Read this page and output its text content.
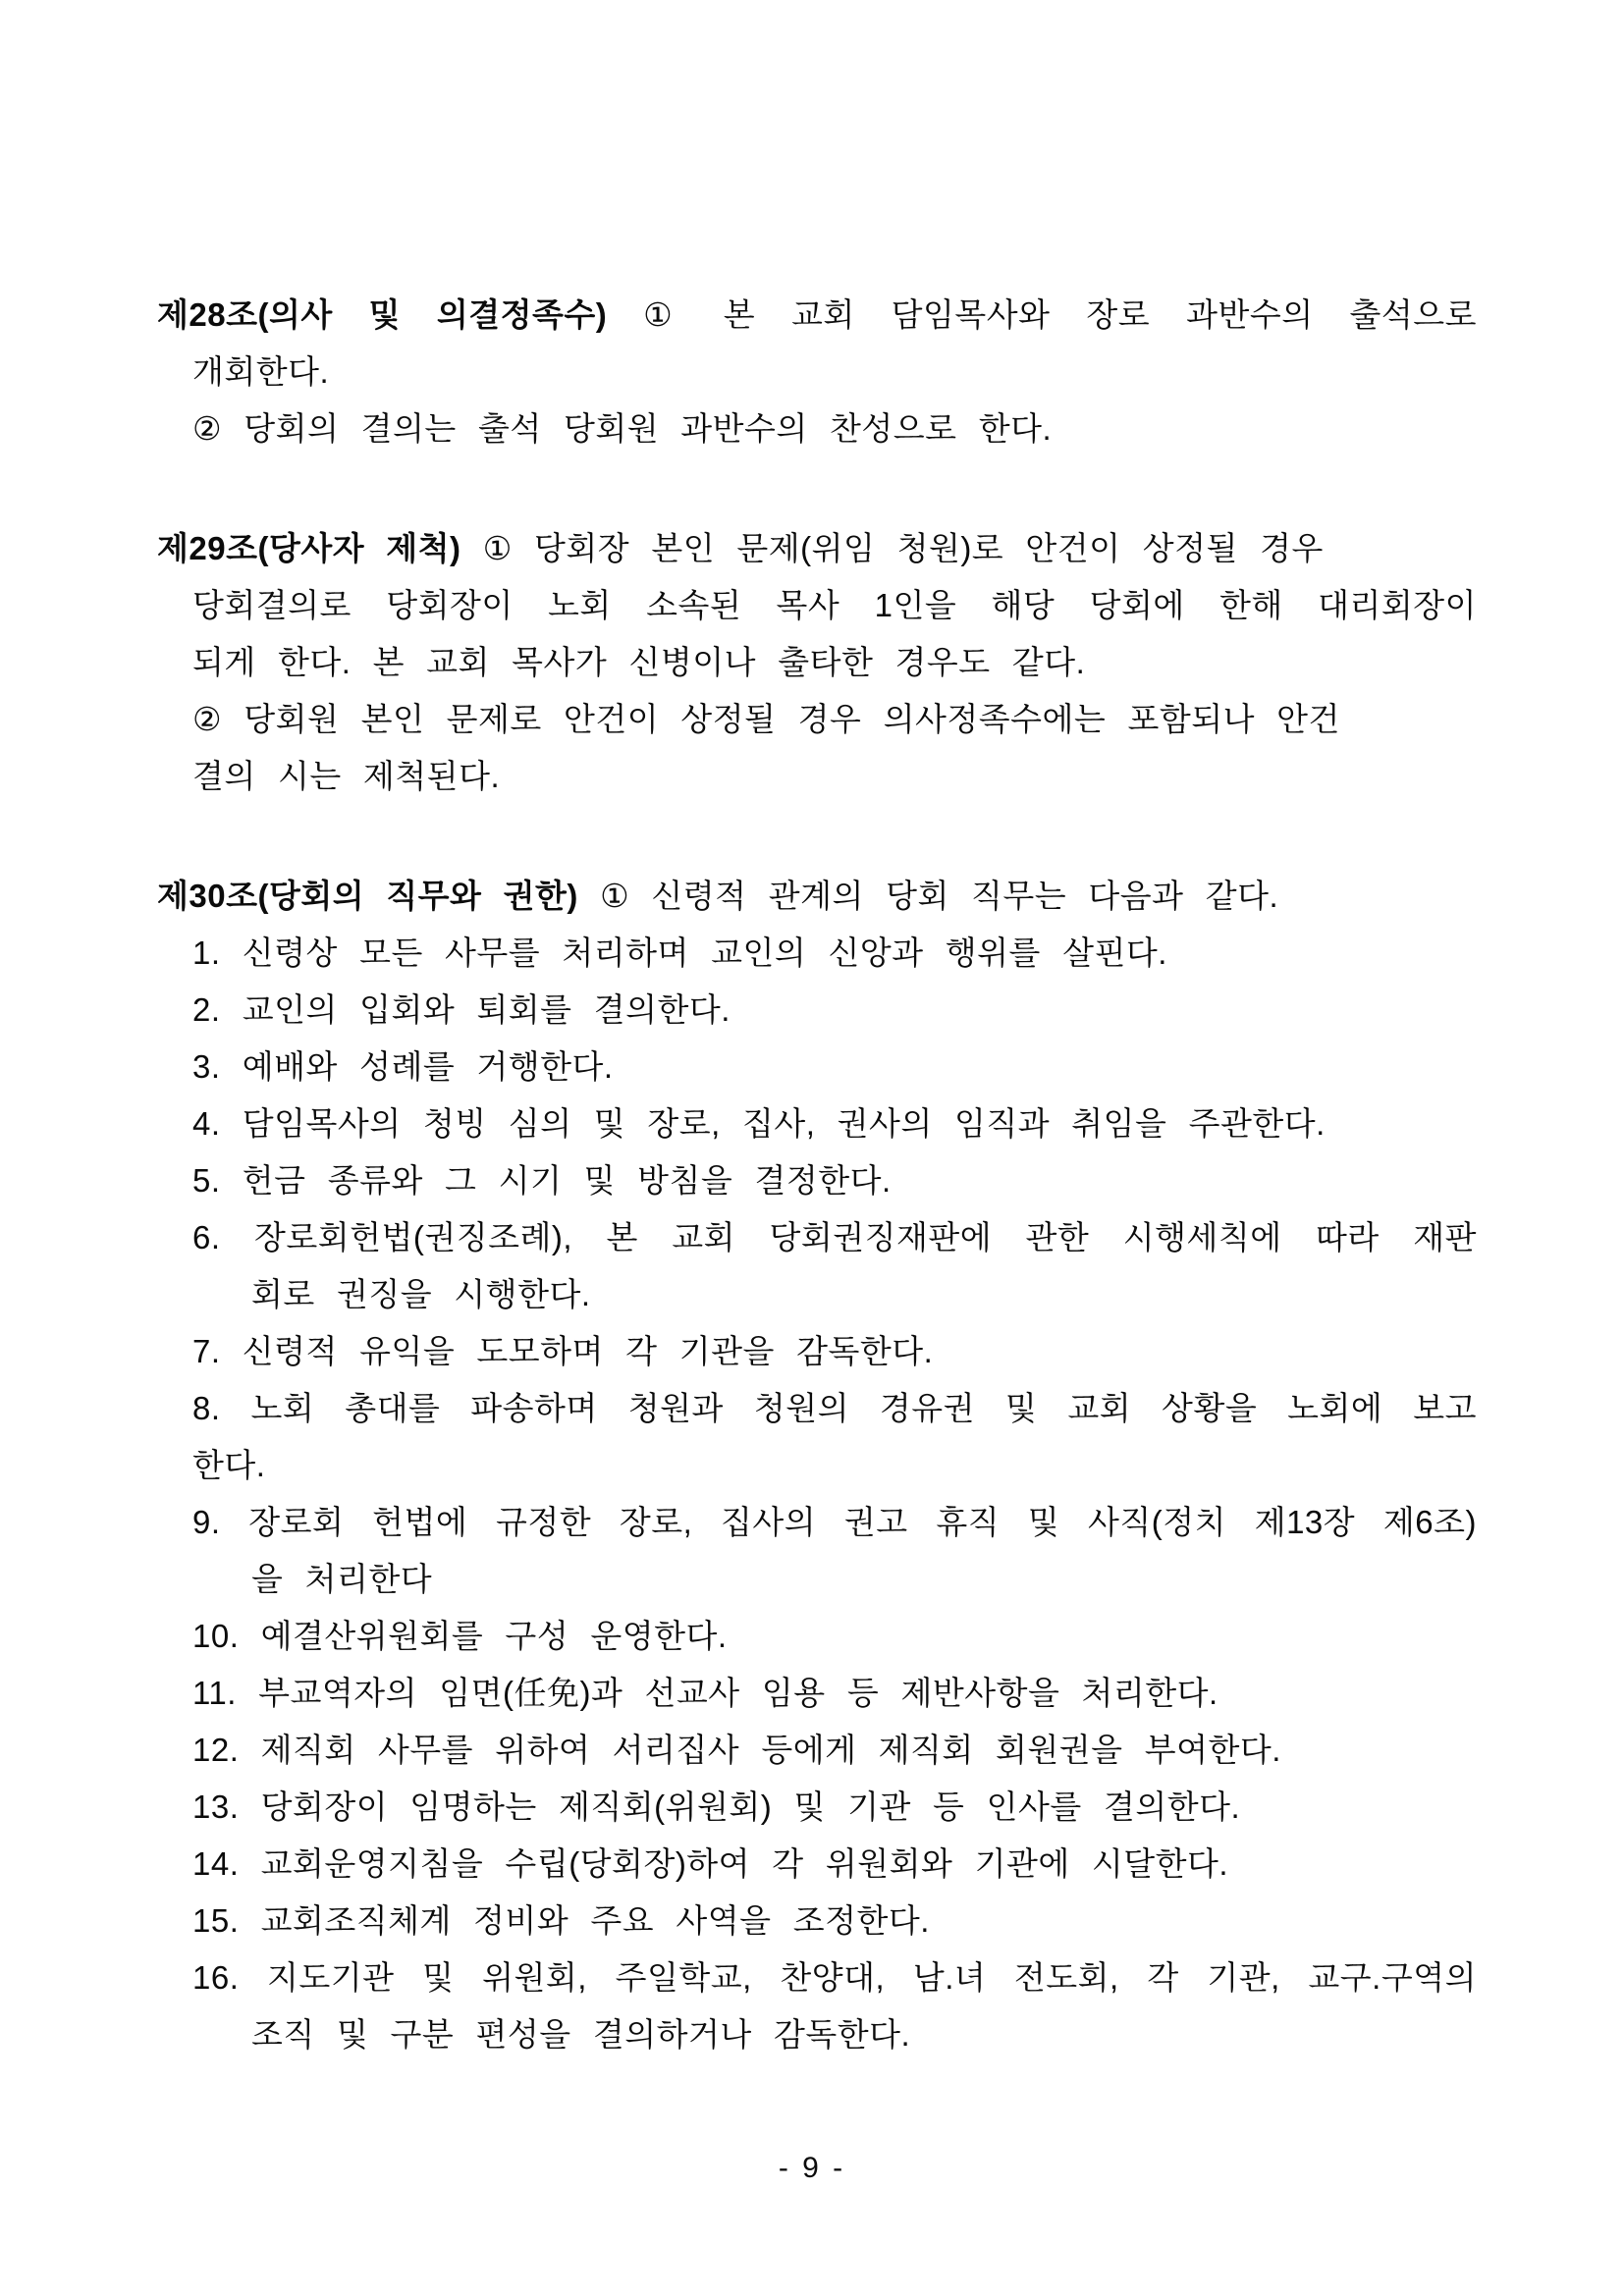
제28조(의사 및 의결정족수) ① 본 교회 담임목사와 장로 과반수의 출석으로
개회한다.
② 당회의 결의는 출석 당회원 과반수의 찬성으로 한다.
제29조(당사자 제척) ① 당회장 본인 문제(위임 청원)로 안건이 상정될 경우
당회결의로 당회장이 노회 소속된 목사 1인을 해당 당회에 한해 대리회장이
되게 한다. 본 교회 목사가 신병이나 출타한 경우도 같다.
② 당회원 본인 문제로 안건이 상정될 경우 의사정족수에는 포함되나 안건
결의 시는 제척된다.
제30조(당회의 직무와 권한) ① 신령적 관계의 당회 직무는 다음과 같다.
1. 신령상 모든 사무를 처리하며 교인의 신앙과 행위를 살핀다.
2. 교인의 입회와 퇴회를 결의한다.
3. 예배와 성례를 거행한다.
4. 담임목사의 청빙 심의 및 장로, 집사, 권사의 임직과 취임을 주관한다.
5. 헌금 종류와 그 시기 및 방침을 결정한다.
6. 장로회헌법(권징조례), 본 교회 당회권징재판에 관한 시행세칙에 따라 재판
회로 권징을 시행한다.
7. 신령적 유익을 도모하며 각 기관을 감독한다.
8. 노회 총대를 파송하며 청원과 청원의 경유권 및 교회 상황을 노회에 보고
한다.
9. 장로회 헌법에 규정한 장로, 집사의 권고 휴직 및 사직(정치 제13장 제6조)
을 처리한다
10. 예결산위원회를 구성 운영한다.
11. 부교역자의 임면(任免)과 선교사 임용 등 제반사항을 처리한다.
12. 제직회 사무를 위하여 서리집사 등에게 제직회 회원권을 부여한다.
13. 당회장이 임명하는 제직회(위원회) 및 기관 등 인사를 결의한다.
14. 교회운영지침을 수립(당회장)하여 각 위원회와 기관에 시달한다.
15. 교회조직체계 정비와 주요 사역을 조정한다.
16. 지도기관 및 위원회, 주일학교, 찬양대, 남.녀 전도회, 각 기관, 교구.구역의
조직 및 구분 편성을 결의하거나 감독한다.
- 9 -
